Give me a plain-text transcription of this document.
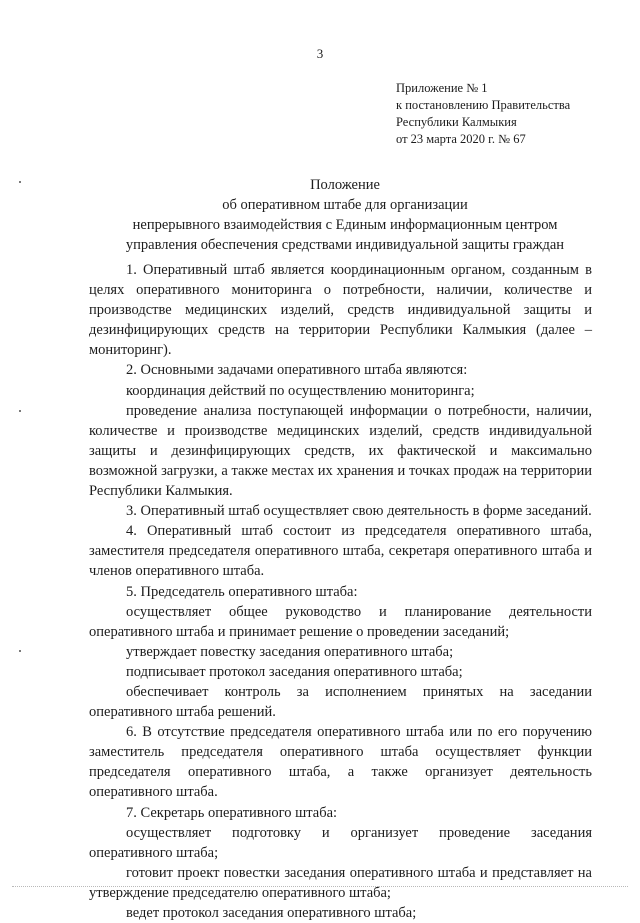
3
Приложение № 1
к постановлению Правительства
Республики Калмыкия
от 23 марта 2020 г. № 67
Положение
об оперативном штабе для организации
непрерывного взаимодействия с Единым информационным центром
управления обеспечения средствами индивидуальной защиты граждан

1. Оперативный штаб является координационным органом, созданным в целях оперативного мониторинга о потребности, наличии, количестве и производстве медицинских изделий, средств индивидуальной защиты и дезинфицирующих средств на территории Республики Калмыкия (далее – мониторинг).

2. Основными задачами оперативного штаба являются:

координация действий по осуществлению мониторинга;

проведение анализа поступающей информации о потребности, наличии, количестве и производстве медицинских изделий, средств индивидуальной защиты и дезинфицирующих средств, их фактической и максимально возможной загрузки, а также местах их хранения и точках продаж на территории Республики Калмыкия.

3. Оперативный штаб осуществляет свою деятельность в форме заседаний.

4. Оперативный штаб состоит из председателя оперативного штаба, заместителя председателя оперативного штаба, секретаря оперативного штаба и членов оперативного штаба.

5. Председатель оперативного штаба:

осуществляет общее руководство и планирование деятельности оперативного штаба и принимает решение о проведении заседаний;

утверждает повестку заседания оперативного штаба;

подписывает протокол заседания оперативного штаба;

обеспечивает контроль за исполнением принятых на заседании оперативного штаба решений.

6. В отсутствие председателя оперативного штаба или по его поручению заместитель председателя оперативного штаба осуществляет функции председателя оперативного штаба, а также организует деятельность оперативного штаба.

7. Секретарь оперативного штаба:

осуществляет подготовку и организует проведение заседания оперативного штаба;

готовит проект повестки заседания оперативного штаба и представляет на утверждение председателю оперативного штаба;

ведет протокол заседания оперативного штаба;
